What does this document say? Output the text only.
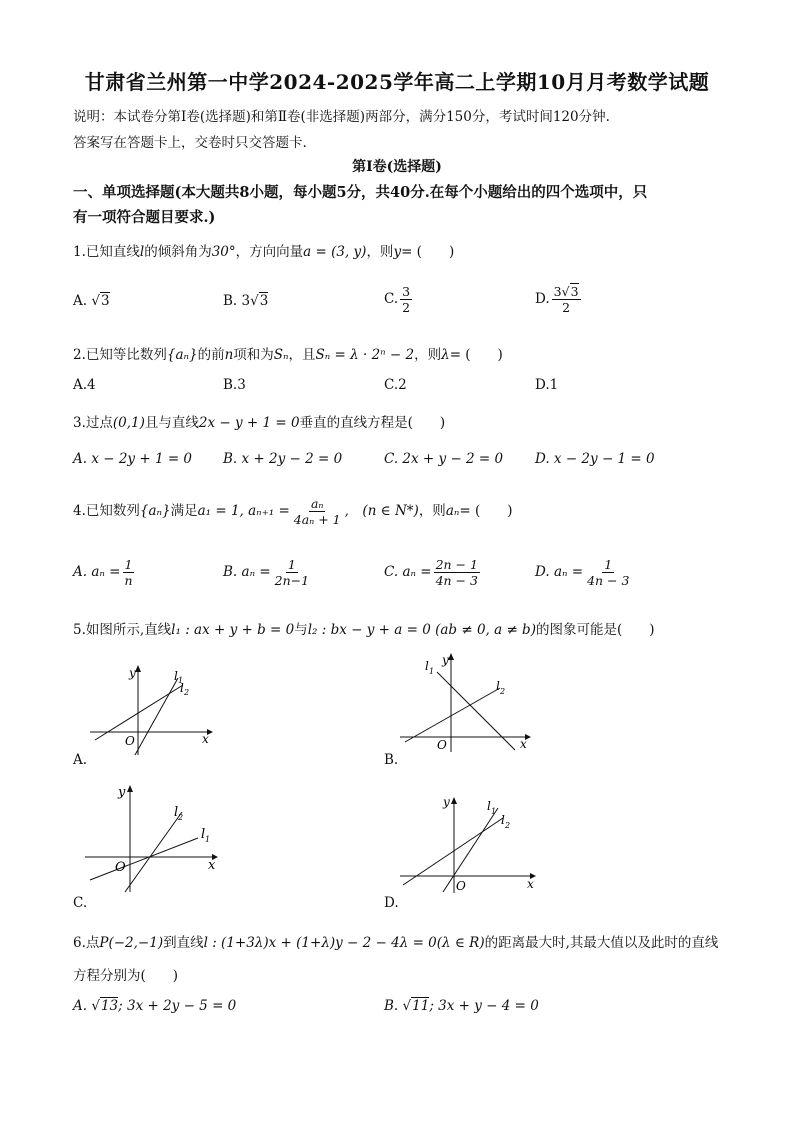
甘肃省兰州第一中学2024-2025学年高二上学期10月月考数学试题
说明：本试卷分第Ⅰ卷(选择题)和第Ⅱ卷(非选择题)两部分，满分150分，考试时间120分钟.
答案写在答题卡上，交卷时只交答题卡.
第Ⅰ卷(选择题)
一、单项选择题(本大题共8小题，每小题5分，共40分.在每个小题给出的四个选项中，只
有一项符合题目要求.)
1.已知直线l的倾斜角为30°，方向向量a = (3, y)，则y= (　　)
A. √3	B. 3√3	C. $\frac{3}{2}$	D. $\frac{3√3}{2}$
2.已知等比数列{aₙ}的前n项和为Sₙ，且Sₙ = λ · 2ⁿ − 2，则λ= (　　)
A.4	B.3	C.2	D.1
3.过点(0,1)且与直线2x − y + 1 = 0垂直的直线方程是(　　)
A. x − 2y + 1 = 0 B. x + 2y − 2 = 0	C. 2x + y − 2 = 0 D. x − 2y − 1 = 0
4.已知数列{aₙ}满足a₁ = 1, $a_{n+1} = \frac{\text{aₙ}}{\text{4aₙ + 1}}$ ,　(n ∈ N*)，则aₙ= (　　)
A. $a_n = \frac{1}{n}$	B. $a_n = \frac{1}{2n-1}$	C. $a_n = \frac{2n - 1}{4n - 3}$	D. $a_n = \frac{1}{4n - 3}$
5.如图所示,直线l₁ : ax + y + b = 0与l₂ : bx − y + a = 0 (ab ≠ 0, a ≠ b)的图象可能是(　　)
y
x
O
l 1
l 2
A.
y
x
O
l 1
l 2
B.
y
x
O
l 2
l 1
C.
y
x
O
l 1
l 2
D.
6.点P(−2,−1)到直线l : (1+3λ)x + (1+λ)y − 2 − 4λ = 0(λ ∈ R)的距离最大时,其最大值以及此时的直线
方程分别为(　　)
A. √13; 3x + 2y − 5 = 0	B. √11; 3x + y − 4 = 0
